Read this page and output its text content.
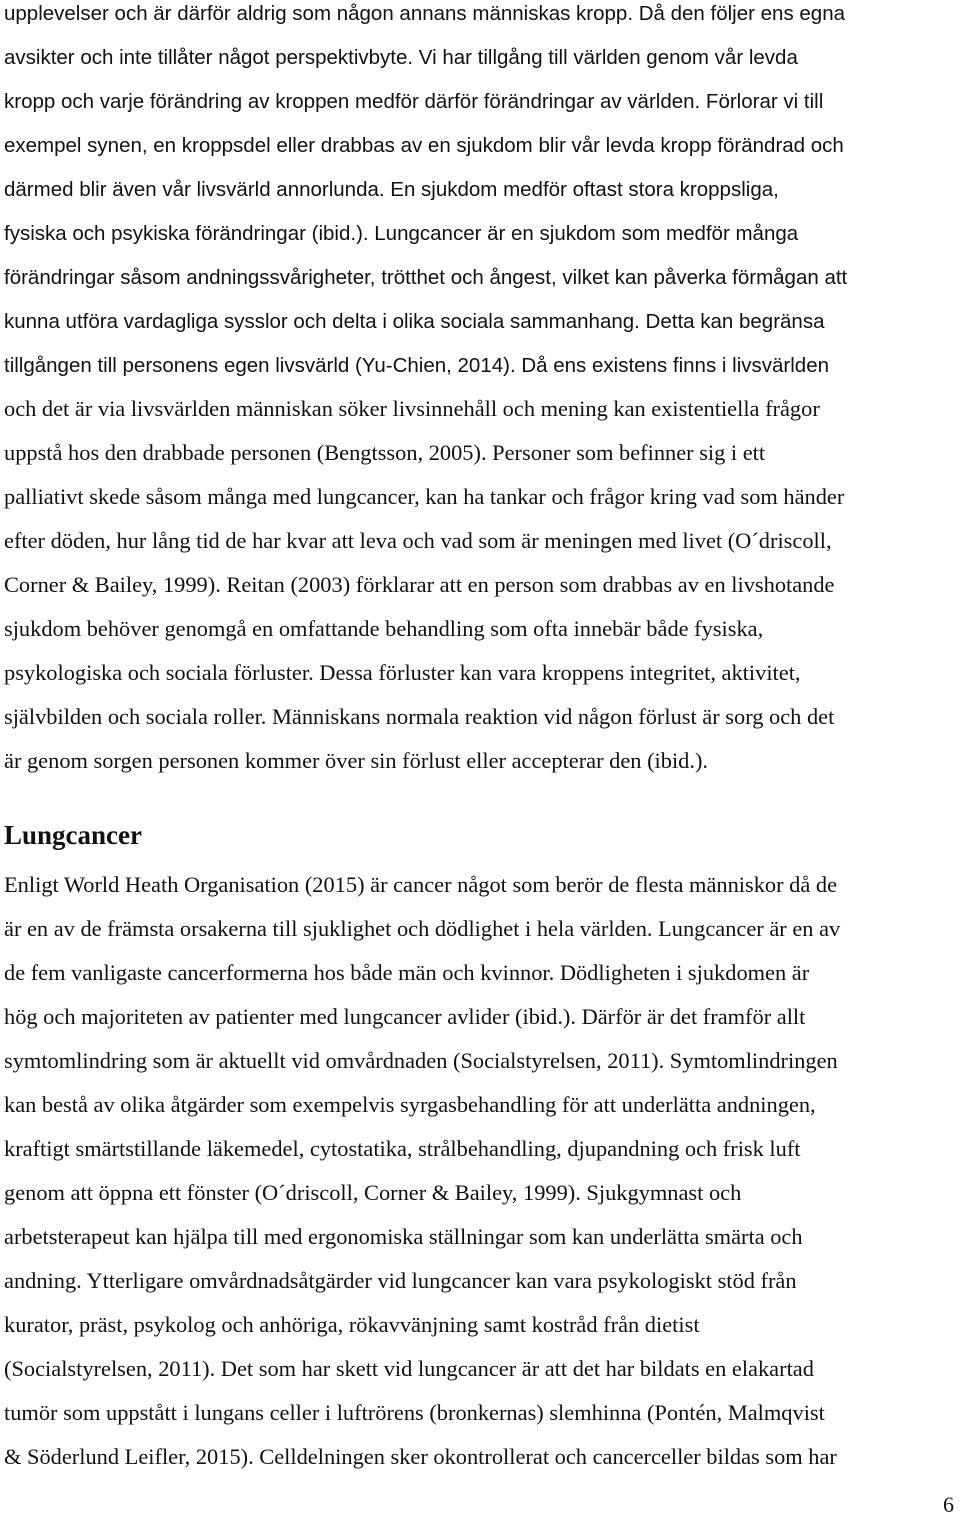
upplevelser och är därför aldrig som någon annans människas kropp. Då den följer ens egna

avsikter och inte tillåter något perspektivbyte. Vi har tillgång till världen genom vår levda

kropp och varje förändring av kroppen medför därför förändringar av världen. Förlorar vi till

exempel synen, en kroppsdel eller drabbas av en sjukdom blir vår levda kropp förändrad och

därmed blir även vår livsvärld annorlunda. En sjukdom medför oftast stora kroppsliga,

fysiska och psykiska förändringar (ibid.). Lungcancer är en sjukdom som medför många

förändringar såsom andningssvårigheter, trötthet och ångest, vilket kan påverka förmågan att

kunna utföra vardagliga sysslor och delta i olika sociala sammanhang. Detta kan begränsa

tillgången till personens egen livsvärld (Yu-Chien, 2014). Då ens existens finns i livsvärlden

och det är via livsvärlden människan söker livsinnehåll och mening kan existentiella frågor

uppstå hos den drabbade personen (Bengtsson, 2005). Personer som befinner sig i ett

palliativt skede såsom många med lungcancer, kan ha tankar och frågor kring vad som händer

efter döden, hur lång tid de har kvar att leva och vad som är meningen med livet (O´driscoll,

Corner & Bailey, 1999). Reitan (2003) förklarar att en person som drabbas av en livshotande

sjukdom behöver genomgå en omfattande behandling som ofta innebär både fysiska,

psykologiska och sociala förluster. Dessa förluster kan vara kroppens integritet, aktivitet,

självbilden och sociala roller. Människans normala reaktion vid någon förlust är sorg och det

är genom sorgen personen kommer över sin förlust eller accepterar den (ibid.).

Lungcancer

Enligt World Heath Organisation (2015) är cancer något som berör de flesta människor då de

är en av de främsta orsakerna till sjuklighet och dödlighet i hela världen. Lungcancer är en av

de fem vanligaste cancerformerna hos både män och kvinnor. Dödligheten i sjukdomen är

hög och majoriteten av patienter med lungcancer avlider (ibid.). Därför är det framför allt

symtomlindring som är aktuellt vid omvårdnaden (Socialstyrelsen, 2011). Symtomlindringen

kan bestå av olika åtgärder som exempelvis syrgasbehandling för att underlätta andningen,

kraftigt smärtstillande läkemedel, cytostatika, strålbehandling, djupandning och frisk luft

genom att öppna ett fönster (O´driscoll, Corner & Bailey, 1999). Sjukgymnast och

arbetsterapeut kan hjälpa till med ergonomiska ställningar som kan underlätta smärta och

andning. Ytterligare omvårdnadsåtgärder vid lungcancer kan vara psykologiskt stöd från

kurator, präst, psykolog och anhöriga, rökavvänjning samt kostråd från dietist

(Socialstyrelsen, 2011). Det som har skett vid lungcancer är att det har bildats en elakartad

tumör som uppstått i lungans celler i luftrörens (bronkernas) slemhinna (Pontén, Malmqvist

& Söderlund Leifler, 2015). Celldelningen sker okontrollerat och cancerceller bildas som har

6
